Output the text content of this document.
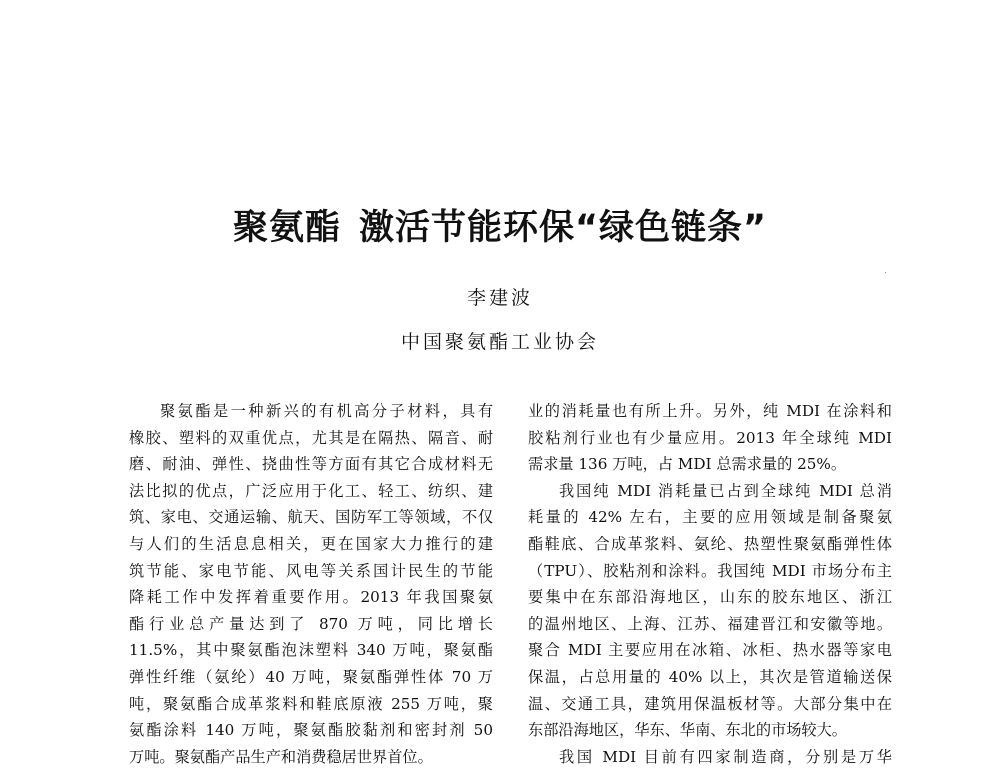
聚氨酯 激活节能环保“绿色链条”
李建波
中国聚氨酯工业协会
聚氨酯是一种新兴的有机高分子材料，具有
橡胶、塑料的双重优点，尤其是在隔热、隔音、耐
磨、耐油、弹性、挠曲性等方面有其它合成材料无
法比拟的优点，广泛应用于化工、轻工、纺织、建
筑、家电、交通运输、航天、国防军工等领域，不仅
与人们的生活息息相关，更在国家大力推行的建
筑节能、家电节能、风电等关系国计民生的节能
降耗工作中发挥着重要作用。2013 年我国聚氨
酯行业总产量达到了 870 万吨，同比增长
11.5%，其中聚氨酯泡沫塑料 340 万吨，聚氨酯
弹性纤维（氨纶）40 万吨，聚氨酯弹性体 70 万
吨，聚氨酯合成革浆料和鞋底原液 255 万吨，聚
氨酯涂料 140 万吨，聚氨酯胶黏剂和密封剂 50
万吨。聚氨酯产品生产和消费稳居世界首位。
业的消耗量也有所上升。另外，纯 MDI 在涂料和
胶粘剂行业也有少量应用。2013 年全球纯 MDI
需求量 136 万吨，占 MDI 总需求量的 25%。
我国纯 MDI 消耗量已占到全球纯 MDI 总消
耗量的 42% 左右，主要的应用领域是制备聚氨
酯鞋底、合成革浆料、氨纶、热塑性聚氨酯弹性体
（TPU）、胶粘剂和涂料。我国纯 MDI 市场分布主
要集中在东部沿海地区，山东的胶东地区、浙江
的温州地区、上海、江苏、福建晋江和安徽等地。
聚合 MDI 主要应用在冰箱、冰柜、热水器等家电
保温，占总用量的 40% 以上，其次是管道输送保
温、交通工具，建筑用保温板材等。大部分集中在
东部沿海地区，华东、华南、东北的市场较大。
我国 MDI 目前有四家制造商，分别是万华
